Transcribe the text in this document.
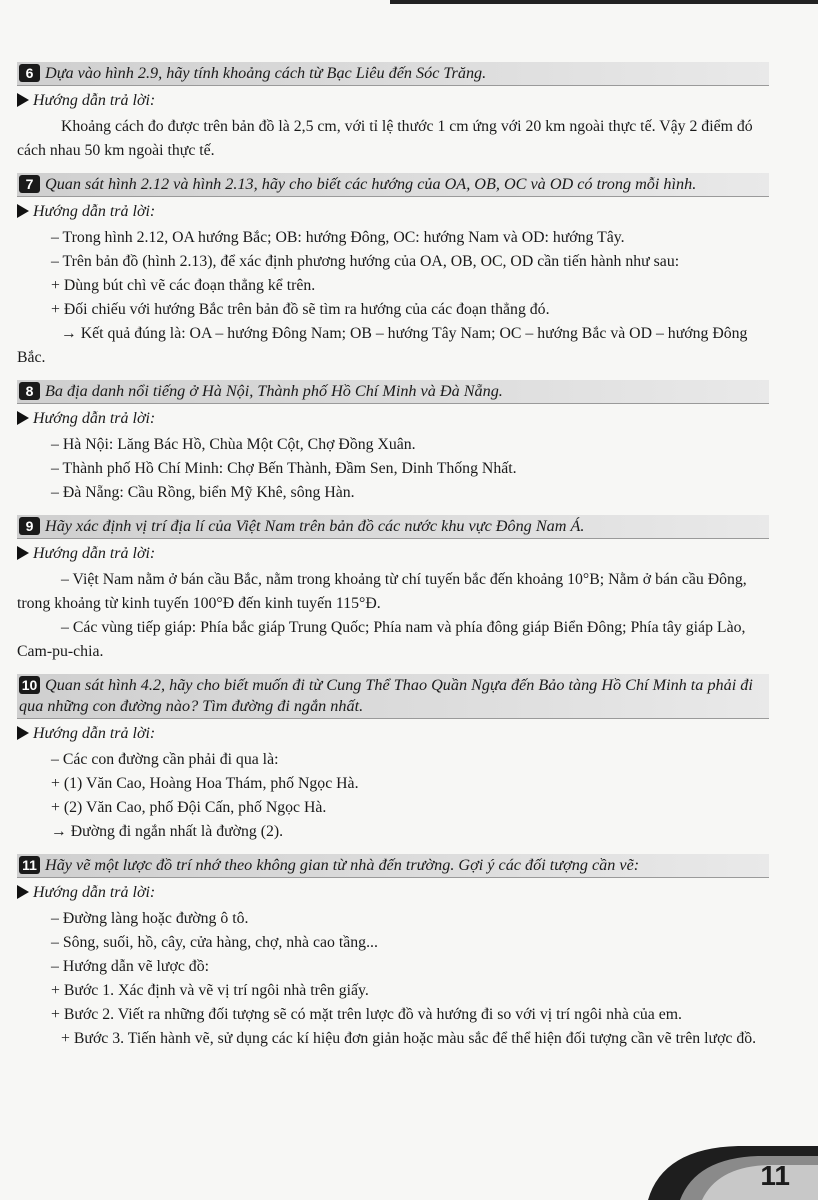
6 Dựa vào hình 2.9, hãy tính khoảng cách từ Bạc Liêu đến Sóc Trăng.
Hướng dẫn trả lời:

Khoảng cách đo được trên bản đồ là 2,5 cm, với tỉ lệ thước 1 cm ứng với 20 km ngoài thực tế. Vậy 2 điểm đó cách nhau 50 km ngoài thực tế.

7 Quan sát hình 2.12 và hình 2.13, hãy cho biết các hướng của OA, OB, OC và OD có trong mỗi hình.
Hướng dẫn trả lời:

– Trong hình 2.12, OA hướng Bắc; OB: hướng Đông, OC: hướng Nam và OD: hướng Tây.

– Trên bản đồ (hình 2.13), để xác định phương hướng của OA, OB, OC, OD cần tiến hành như sau:

+ Dùng bút chì vẽ các đoạn thẳng kể trên.

+ Đối chiếu với hướng Bắc trên bản đồ sẽ tìm ra hướng của các đoạn thẳng đó.

→ Kết quả đúng là: OA – hướng Đông Nam; OB – hướng Tây Nam; OC – hướng Bắc và OD – hướng Đông Bắc.

8 Ba địa danh nổi tiếng ở Hà Nội, Thành phố Hồ Chí Minh và Đà Nẵng.
Hướng dẫn trả lời:

– Hà Nội: Lăng Bác Hồ, Chùa Một Cột, Chợ Đồng Xuân.

– Thành phố Hồ Chí Minh: Chợ Bến Thành, Đầm Sen, Dinh Thống Nhất.

– Đà Nẵng: Cầu Rồng, biển Mỹ Khê, sông Hàn.

9 Hãy xác định vị trí địa lí của Việt Nam trên bản đồ các nước khu vực Đông Nam Á.
Hướng dẫn trả lời:

– Việt Nam nằm ở bán cầu Bắc, nằm trong khoảng từ chí tuyến bắc đến khoảng 10°B; Nằm ở bán cầu Đông, trong khoảng từ kinh tuyến 100°Đ đến kinh tuyến 115°Đ.

– Các vùng tiếp giáp: Phía bắc giáp Trung Quốc; Phía nam và phía đông giáp Biển Đông; Phía tây giáp Lào, Cam-pu-chia.

10 Quan sát hình 4.2, hãy cho biết muốn đi từ Cung Thể Thao Quần Ngựa đến Bảo tàng Hồ Chí Minh ta phải đi qua những con đường nào? Tìm đường đi ngắn nhất.
Hướng dẫn trả lời:

– Các con đường cần phải đi qua là:

+ (1) Văn Cao, Hoàng Hoa Thám, phố Ngọc Hà.

+ (2) Văn Cao, phố Đội Cấn, phố Ngọc Hà.

→ Đường đi ngắn nhất là đường (2).

11 Hãy vẽ một lược đồ trí nhớ theo không gian từ nhà đến trường. Gợi ý các đối tượng cần vẽ:
Hướng dẫn trả lời:

– Đường làng hoặc đường ô tô.

– Sông, suối, hồ, cây, cửa hàng, chợ, nhà cao tầng...

– Hướng dẫn vẽ lược đồ:

+ Bước 1. Xác định và vẽ vị trí ngôi nhà trên giấy.

+ Bước 2. Viết ra những đối tượng sẽ có mặt trên lược đồ và hướng đi so với vị trí ngôi nhà của em.

+ Bước 3. Tiến hành vẽ, sử dụng các kí hiệu đơn giản hoặc màu sắc để thể hiện đối tượng cần vẽ trên lược đồ.

11
